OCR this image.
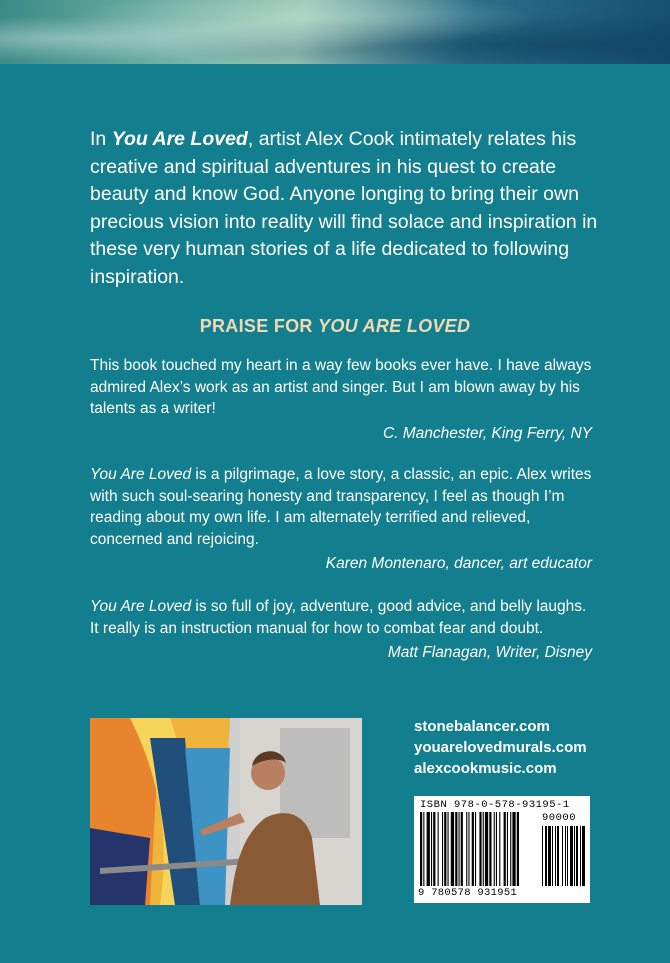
In You Are Loved, artist Alex Cook intimately relates his creative and spiritual adventures in his quest to create beauty and know God. Anyone longing to bring their own precious vision into reality will find solace and inspiration in these very human stories of a life dedicated to following inspiration.

PRAISE FOR YOU ARE LOVED

This book touched my heart in a way few books ever have. I have always admired Alex’s work as an artist and singer. But I am blown away by his talents as a writer!
C. Manchester, King Ferry, NY

You Are Loved is a pilgrimage, a love story, a classic, an epic. Alex writes with such soul-searing honesty and transparency, I feel as though I’m reading about my own life. I am alternately terrified and relieved, concerned and rejoicing.
Karen Montenaro, dancer, art educator

You Are Loved is so full of joy, adventure, good advice, and belly laughs. It really is an instruction manual for how to combat fear and doubt.
Matt Flanagan, Writer, Disney

stonebalancer.com
youarelovedmurals.com
alexcookmusic.com
ISBN 978-0-578-93195-1
90000
9 780578 931951
